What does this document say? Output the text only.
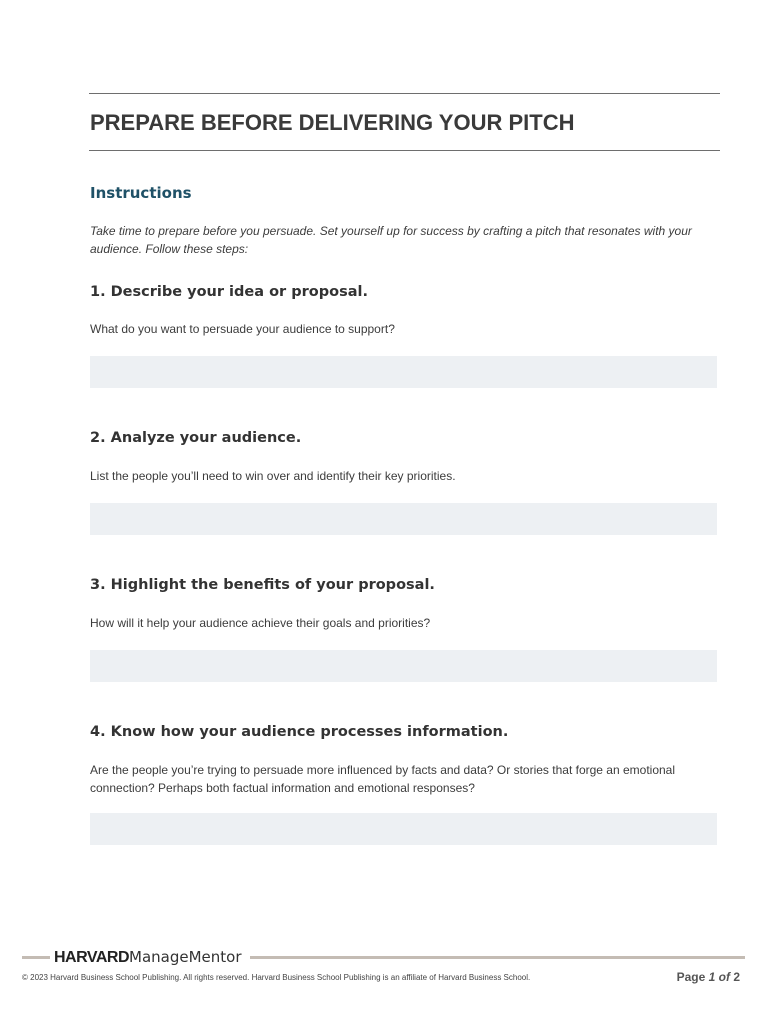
PREPARE BEFORE DELIVERING YOUR PITCH
Instructions
Take time to prepare before you persuade. Set yourself up for success by crafting a pitch that resonates with your audience. Follow these steps:
1. Describe your idea or proposal.
What do you want to persuade your audience to support?
2. Analyze your audience.
List the people you’ll need to win over and identify their key priorities.
3. Highlight the benefits of your proposal.
How will it help your audience achieve their goals and priorities?
4. Know how your audience processes information.
Are the people you’re trying to persuade more influenced by facts and data? Or stories that forge an emotional connection? Perhaps both factual information and emotional responses?
HARVARDManageMentor
© 2023 Harvard Business School Publishing. All rights reserved. Harvard Business School Publishing is an affiliate of Harvard Business School.	Page 1 of 2
